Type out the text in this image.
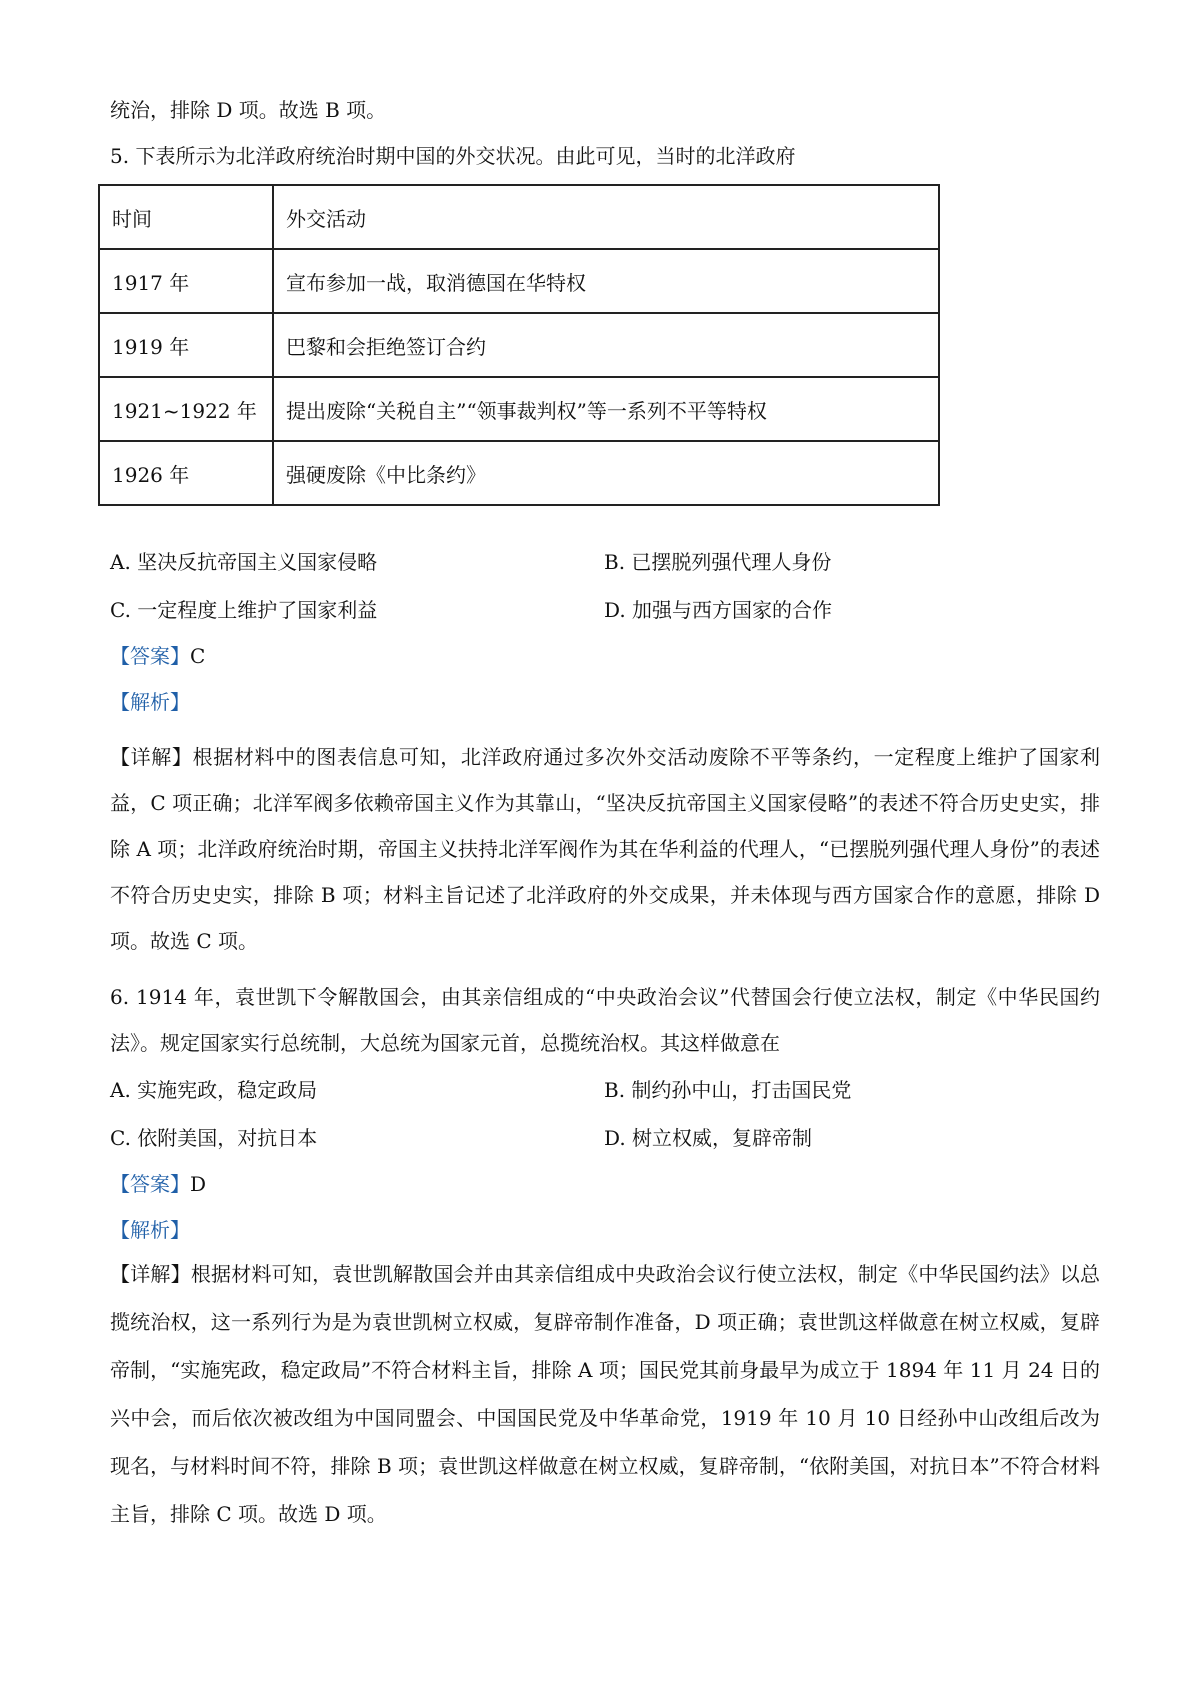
统治，排除 D 项。故选 B 项。

5. 下表所示为北洋政府统治时期中国的外交状况。由此可见，当时的北洋政府

时间	外交活动
1917 年	宣布参加一战，取消德国在华特权
1919 年	巴黎和会拒绝签订合约
1921~1922 年	提出废除“关税自主”“领事裁判权”等一系列不平等特权
1926 年	强硬废除《中比条约》
A. 坚决反抗帝国主义国家侵略	B. 已摆脱列强代理人身份
C. 一定程度上维护了国家利益	D. 加强与西方国家的合作

【答案】C

【解析】

【详解】根据材料中的图表信息可知，北洋政府通过多次外交活动废除不平等条约，一定程度上维护了国家利益，C 项正确；北洋军阀多依赖帝国主义作为其靠山，“坚决反抗帝国主义国家侵略”的表述不符合历史史实，排除 A 项；北洋政府统治时期，帝国主义扶持北洋军阀作为其在华利益的代理人，“已摆脱列强代理人身份”的表述不符合历史史实，排除 B 项；材料主旨记述了北洋政府的外交成果，并未体现与西方国家合作的意愿，排除 D 项。故选 C 项。

6. 1914 年，袁世凯下令解散国会，由其亲信组成的“中央政治会议”代替国会行使立法权，制定《中华民国约法》。规定国家实行总统制，大总统为国家元首，总揽统治权。其这样做意在

A. 实施宪政，稳定政局	B. 制约孙中山，打击国民党
C. 依附美国，对抗日本	D. 树立权威，复辟帝制

【答案】D

【解析】

【详解】根据材料可知，袁世凯解散国会并由其亲信组成中央政治会议行使立法权，制定《中华民国约法》以总揽统治权，这一系列行为是为袁世凯树立权威，复辟帝制作准备，D 项正确；袁世凯这样做意在树立权威，复辟帝制，“实施宪政，稳定政局”不符合材料主旨，排除 A 项；国民党其前身最早为成立于 1894 年 11 月 24 日的兴中会，而后依次被改组为中国同盟会、中国国民党及中华革命党，1919 年 10 月 10 日经孙中山改组后改为现名，与材料时间不符，排除 B 项；袁世凯这样做意在树立权威，复辟帝制，“依附美国，对抗日本”不符合材料主旨，排除 C 项。故选 D 项。
